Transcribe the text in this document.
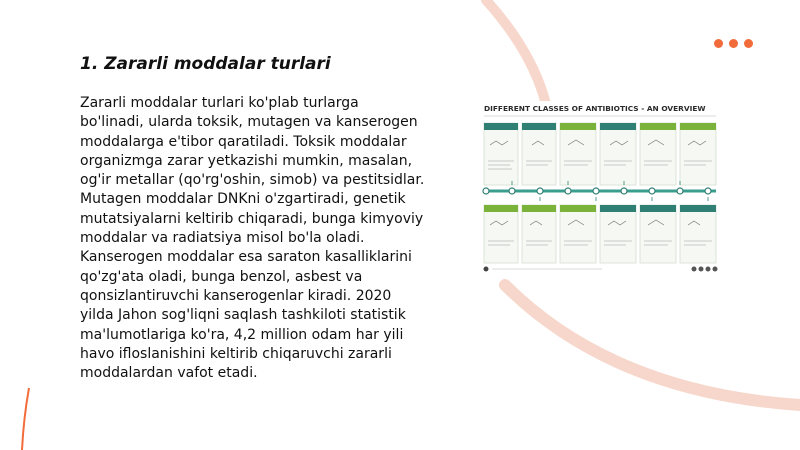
1. Zararli moddalar turlari

Zararli moddalar turlari ko'plab turlarga bo'linadi, ularda toksik, mutagen va kanserogen moddalarga e'tibor qaratiladi. Toksik moddalar organizmga zarar yetkazishi mumkin, masalan, og'ir metallar (qo'rg'oshin, simob) va pestitsidlar. Mutagen moddalar DNKni o'zgartiradi, genetik mutatsiyalarni keltirib chiqaradi, bunga kimyoviy moddalar va radiatsiya misol bo'la oladi. Kanserogen moddalar esa saraton kasalliklarini qo'zg'ata oladi, bunga benzol, asbest va qonsizlantiruvchi kanserogenlar kiradi. 2020 yilda Jahon sog'liqni saqlash tashkiloti statistik ma'lumotlariga ko'ra, 4,2 million odam har yili havo ifloslanishini keltirib chiqaruvchi zararli moddalardan vafot etadi.

DIFFERENT CLASSES OF ANTIBIOTICS - AN OVERVIEW
